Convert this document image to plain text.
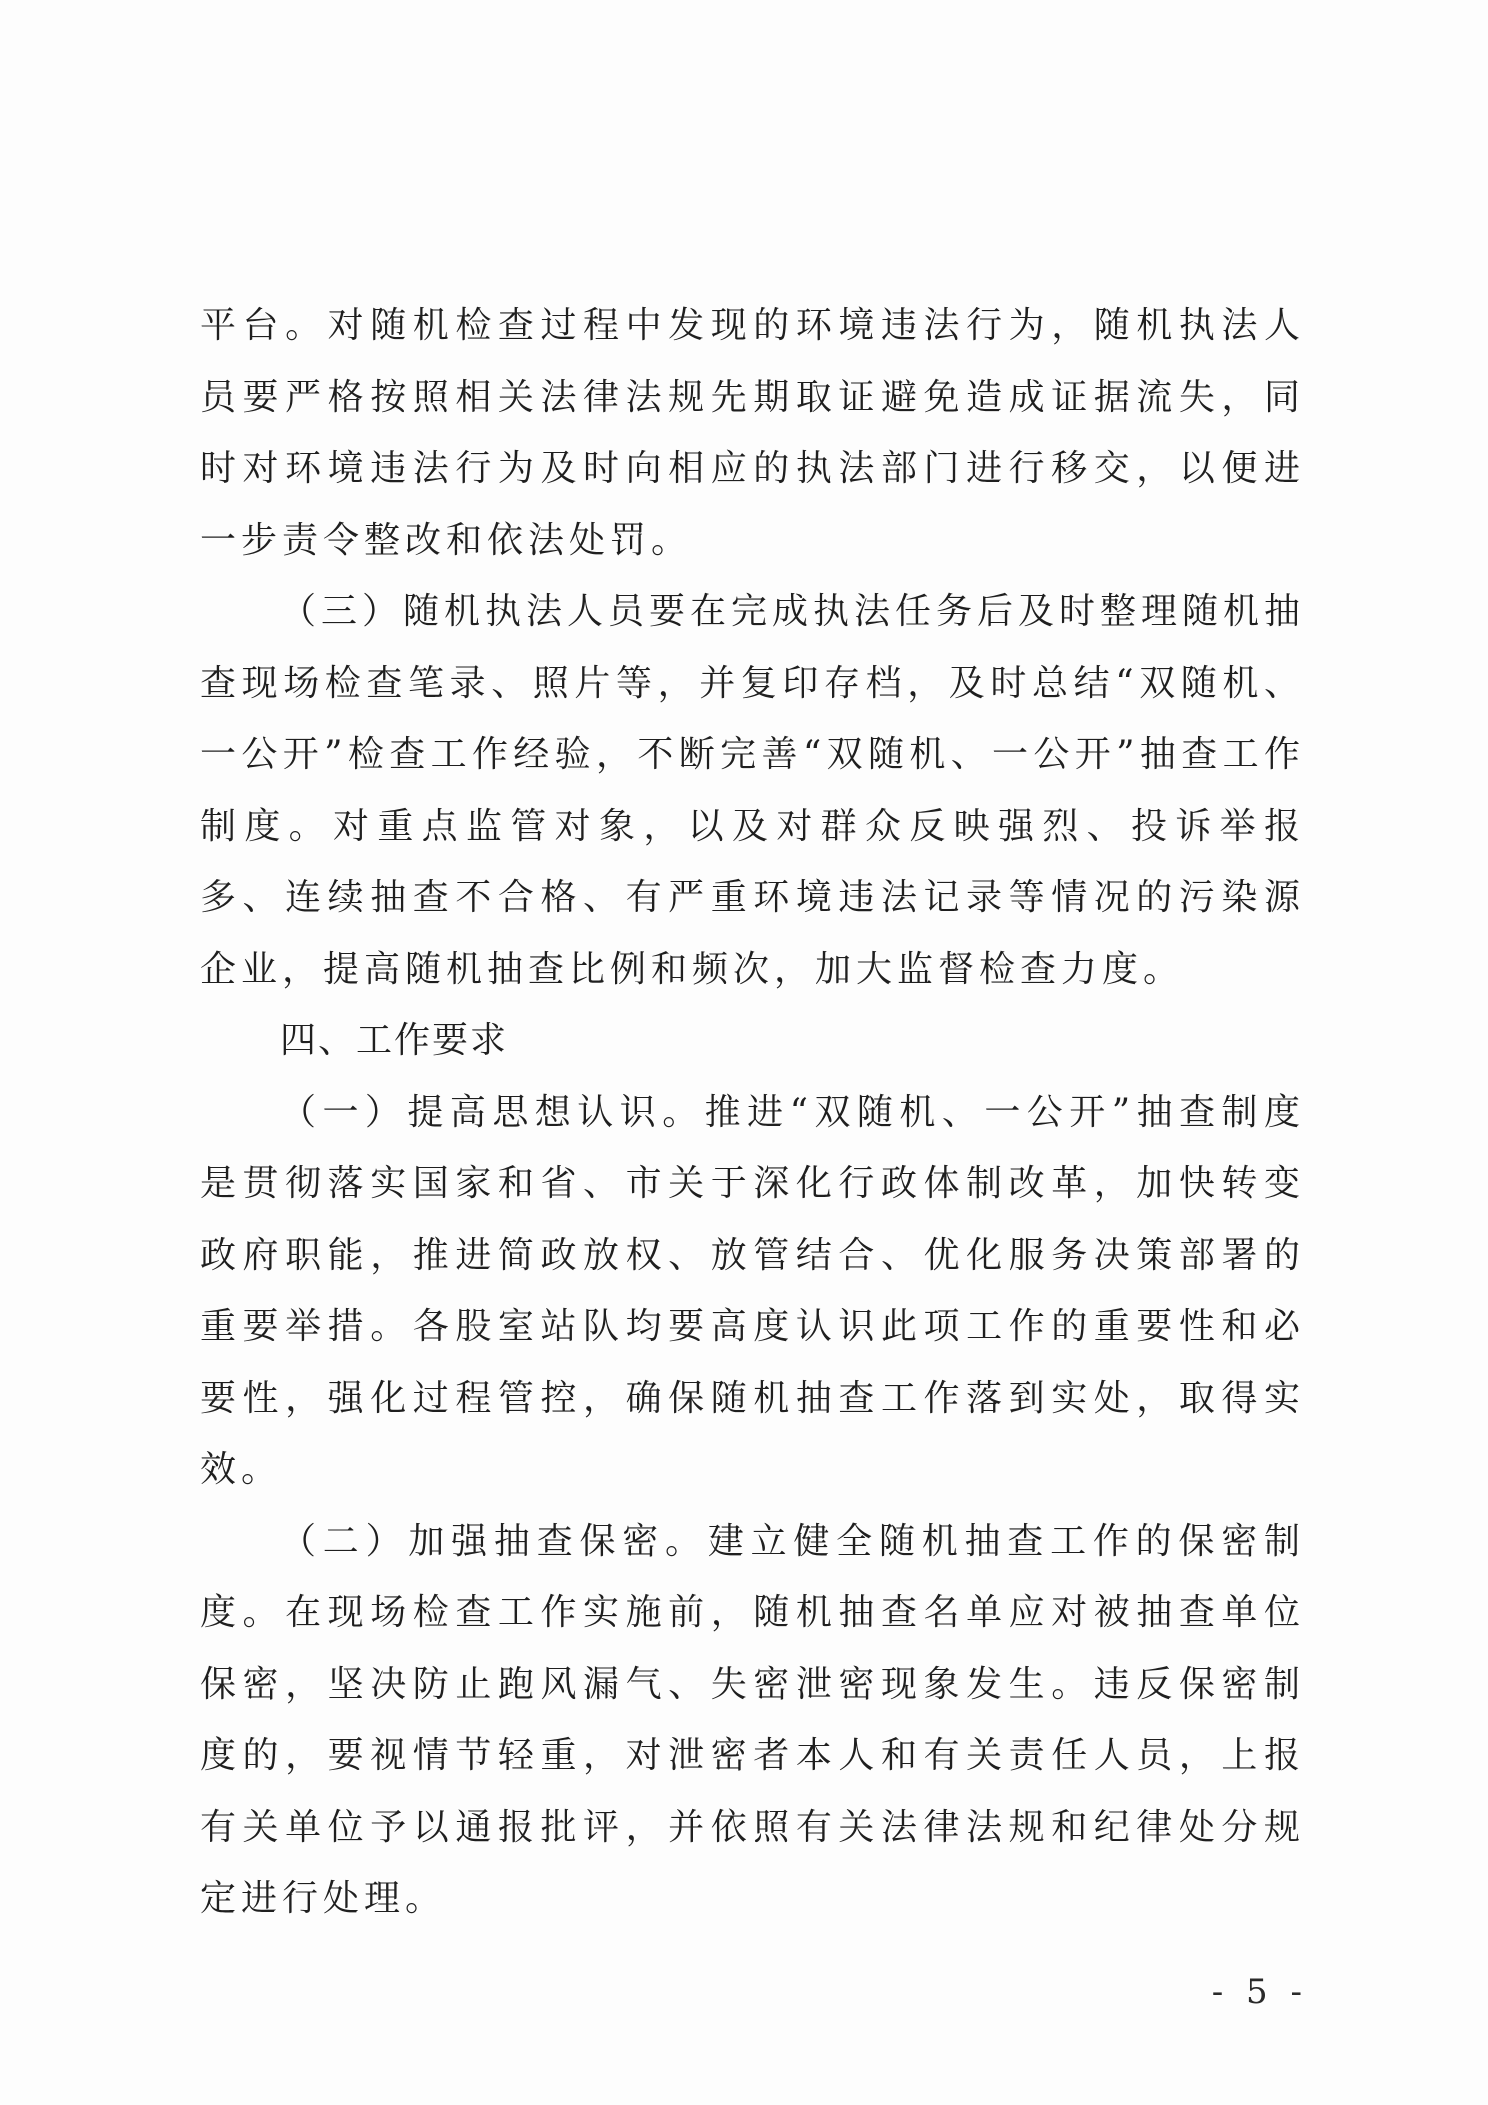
平台。对随机检查过程中发现的环境违法行为，随机执法人员要严格按照相关法律法规先期取证避免造成证据流失，同时对环境违法行为及时向相应的执法部门进行移交，以便进一步责令整改和依法处罚。

（三）随机执法人员要在完成执法任务后及时整理随机抽查现场检查笔录、照片等，并复印存档，及时总结“双随机、一公开”检查工作经验，不断完善“双随机、一公开”抽查工作制度。对重点监管对象，以及对群众反映强烈、投诉举报多、连续抽查不合格、有严重环境违法记录等情况的污染源企业，提高随机抽查比例和频次，加大监督检查力度。

四、工作要求

（一）提高思想认识。推进“双随机、一公开”抽查制度是贯彻落实国家和省、市关于深化行政体制改革，加快转变政府职能，推进简政放权、放管结合、优化服务决策部署的重要举措。各股室站队均要高度认识此项工作的重要性和必要性，强化过程管控，确保随机抽查工作落到实处，取得实效。

（二）加强抽查保密。建立健全随机抽查工作的保密制度。在现场检查工作实施前，随机抽查名单应对被抽查单位保密，坚决防止跑风漏气、失密泄密现象发生。违反保密制度的，要视情节轻重，对泄密者本人和有关责任人员，上报有关单位予以通报批评，并依照有关法律法规和纪律处分规定进行处理。

- 5 -
